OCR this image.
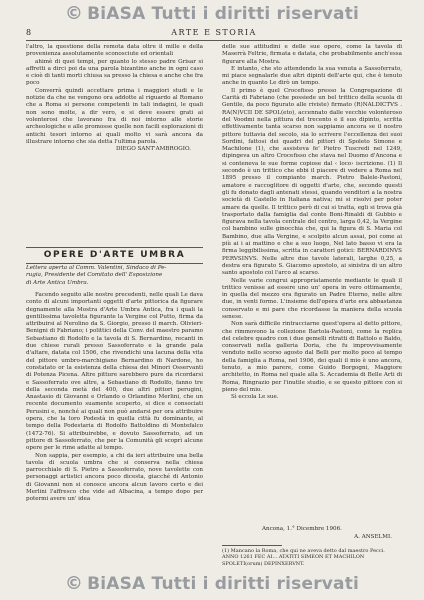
© BiASA Tutti i diritti riservati
8	ARTE E STORIA

l'altro, la questione della remota data oltre il mille e della provenienza assolutamente sconosciute ed orientali

ahimè di quei tempi, per quanto lo stesso padre Grisar si affretti a dirci poi da una parola bizantino anche in ogni caso e cioè di tanti morti chiusa sa presso la chiesa e anche che fra poco

Converrà quindi accettare prima i maggiori studi e le notizie da che ne vengono ora addotte al riguardo al Romano che a Roma si persone competenti in tali indagini, le quali non sono molte, a dir vero, e si deve essere grati ai volenterosi che lavorano fra di noi intorno alle storie archeologiche e alle promosse quelle non facili esplorazioni di antichi tesori intorno ai quali molto vi sarà ancora da illustrare intorno che sia detta l'ultima parola.

DIEGO SANT'AMBROGIO.

OPERE D'ARTE UMBRA
Lettera aperta al Comm. Valentini, Sindaco di Pe-
rugia, Presidente del Comitato dell' Esposizione
di Arte Antica Umbra.

Facendo seguito alle nostre precedenti, nelle quali Le dava conto di alcuni importanti oggetti d'arte pittorica da figurare degnamente alla Mostra d'Arte Umbra Antica, fra i quali la gentilissima tavoletta figurante la Vergine col Putto, firma da attribuirsi al Nerolino da S. Giorgio, presso il march. Olivieri-Benigni di Fabriano; i polittici della Conv. del maestro paramo Sebastiano di Rodolfo e la tavola di S. Bernardino, recanti in due chiese rurali presso Sassoferrato e la grande pala d'altare, datata col 1506, che rivendichi una lacuna della vita del pittore umbro-marchigiano Bernardino di Nardone, ho constatato or la esistenza della chiesa dei Minori Osservanti di Potenza Picena. Altre pitture sarebbero pure da ricordarsi e Sassoferrato ove altre, a Sebastiano di Rodolfo, fanno tre della seconda metà del 400, due altri pittori perugini, Anastasio di Giovanni e Orlando o Orlandino Merlini, che un recente documento suamente scoperto, si dice e consociati Perusini e, nonché ai quali non può andarsi per ora attribuire opera, che la loro Podestà in quella città fu dominante, al tempo della Podestaria di Rodolfo Battoldino di Montefalco (1472-76). Si attribuirebbe, e dovuto Sassoferrato, ad un pittore di Sassoferrato, che per la Comunità gli scoprì alcune opere per le rime adatte al tempo.

Non sappia, per esempio, a chi da ieri attribuire una bella tavola di scuola umbra che si conserva nella chiesa parrocchiale di S. Pietro a Sassoferrato, nove tavolette con personaggi artistici ancora poco dicesta, giacché di Antonio di Giovanni non si conosce ancora alcun lavoro certo e dei Merlini l'affresco che vide ad Albacina, a tempo dopo per potermi avere un' idea

delle sue attitudini e delle sue opere, come la tavola di Maserrà Feltrie, firmata e datata, che probabilmente anch'essa figurare alla Mostra.

E intanto, che sto attendendo la sua venuta a Sassoferrato, mi piace segnalarle due altri dipinti dell'arte qui, che è tenuto anche in quanto Le dirò un tempo.

Il primo è quel Crocefisso presso la Congregazione di Carità di Fabriano (che possiede un bel trittico della scuola di Gentile, da poco figurato alle riviste) firmato (R)NALDICTVS . RA(N)VCII DE SPOL(eto), accennato dalle vecchie volonteroso del Voodmi nella pittura del trecento e il suo dipinto, scritta effettivamente tanta scarso non sappiamo ancora se il nostro pittore tuttavia del secolo, sia lo scrivere l'eccellenza dei suoi Sordini, fattosi dei quadri del pittori di Spoleto Simone e Machilone (1), che assisteva fe' Pietro Tuscredi nel 1249, dipingeva un altro Crocefisso che stava nel Duomo d'Ancona e si conteneva le sue forme copiose dal ‹ loco› iscrizione. (1) Il secondo è un trittico che ebbi il piacere di vedere a Roma nel 1895 presso il compianto march. Pietro Balele-Pastoni, amatore e raccoglitore di oggetti d'arte, che, secondo questi gli fu donato dagli antenati stessi, quando venditori a la nostra società di Castello in Italiana nativa; mi si risolvi per poter amare da quelle. Il trittico però di cui si tratta, egli si trova già trasportato dalla famiglia dal conte Boni-Rinaldi di Gubbio e figurava nella tavola centrale del centro, larga 0,42, la Vergine col bambino sulle ginocchia che, qui la figura di S. Maria col Bambino, due alla Vergine, e scolpito alcun assai, poi come ai più ai i ai mattino e che a suo luogo, Nel lato basso vi era la firma leggibilissima, scritta in caratteri gotici: BERNARDINVS PERVSINVS. Nelle altre due tavole laterali, larghe 0,25, a destra era figurato S. Giacomo apostolo, ai sinistra di un altro santo apostolo col l'arco al scarso.

Nelle varie congrui appropriatamente mediante le quali il trittico venisse ad essere uno un' opera in vero ottimamente, in quella del mezzo era figurato un Padre Eterno, nelle altre due, in venti forme. L'insieme dell'opera d'arte era abbastanza conservato e mi pare che ricordasse la maniera della scuola senese.

Non sarà difficile rintracciarne quest'opera al detto pittore, che rimmovono la collezione Bartola-Pastoni, come la replica del celebre quadro con i due gemelli ritratti di Battolo e Baldo, conservati nella galleria Doria, che fu improvvisamente venduto nello scorso agosto dal Belli per molto poco al tempo della famiglia a Roma, nel 1906, dei quali il mio è uno ancora, tenuto, a mio parere, come Guido Borgogni, Maggiore architetto, in Roma nel quale alla S. Accademia di Belle Arti di Roma, Ringrazio per l'inutile studio, e se questo pittore con si pieno del mio.

Sì eccola Le sue.

Ancona, 1.° Dicembre 1906.
A. ANSELMI.
(1) Mancano la Roma, che qui ne aveva detto dal maestro Pecci.
ANNO 1261 FEC AI... ATATITI SIMEON ET MACHILON SPOLETI(orum) DEPINXERVNT.
© BiASA Tutti i diritti riservati
